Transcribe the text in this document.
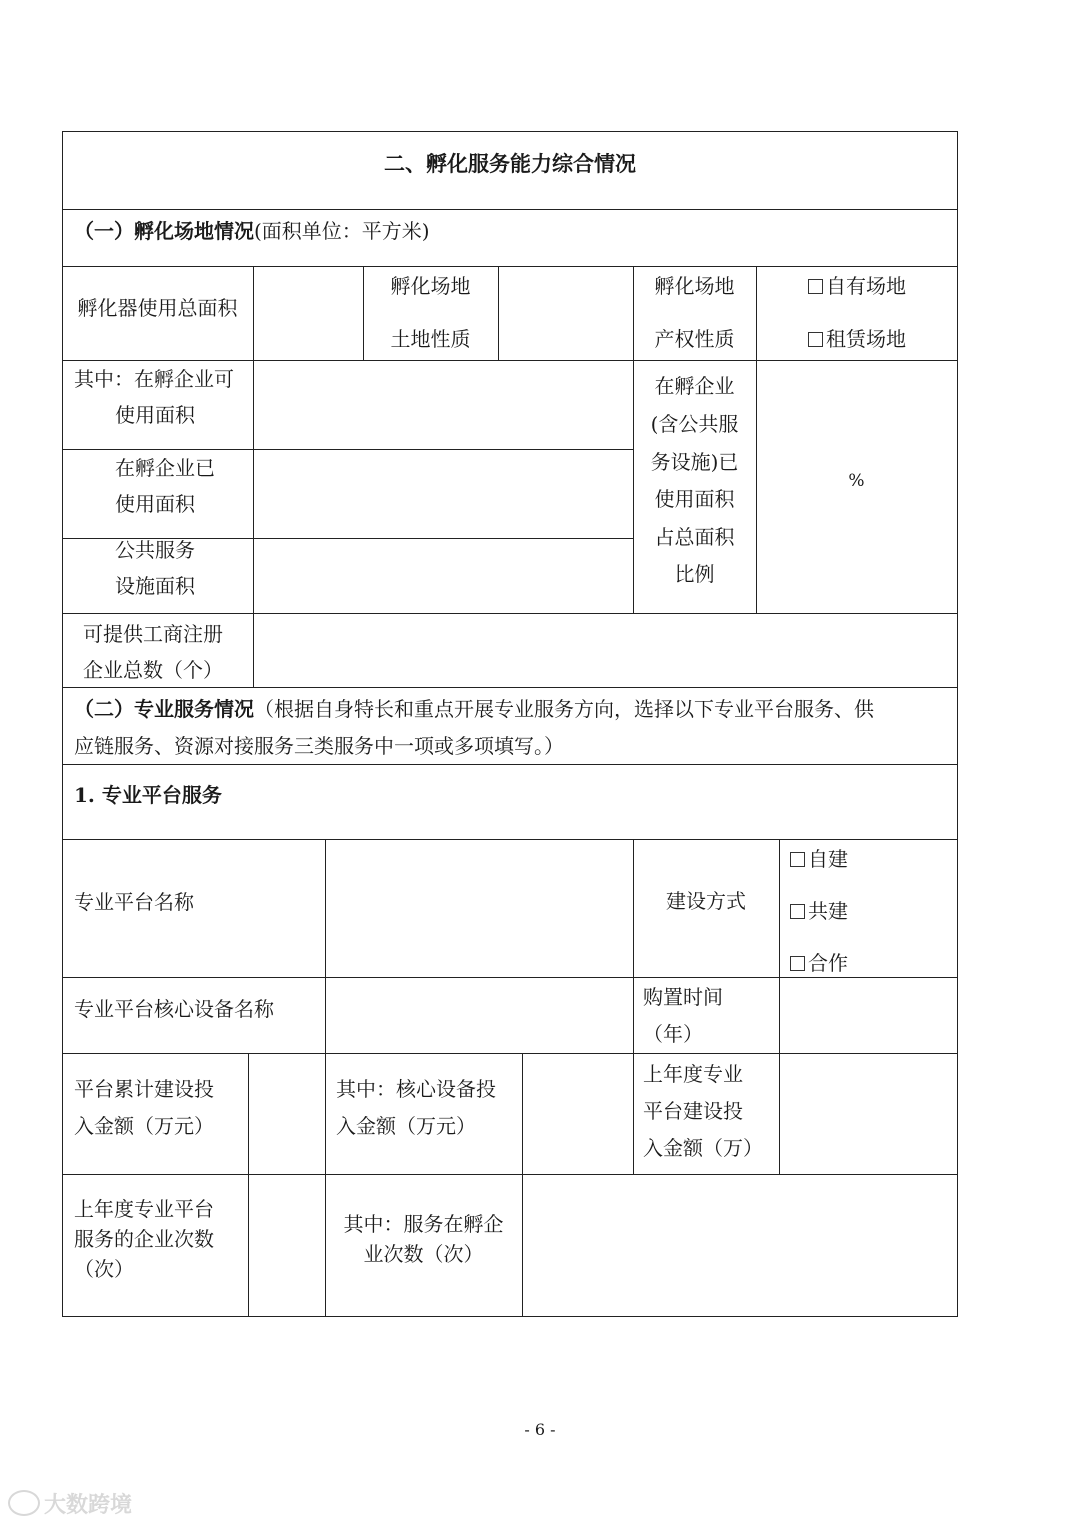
二、孵化服务能力综合情况
（一）孵化场地情况(面积单位：平方米)
孵化器使用总面积
孵化场地
土地性质
孵化场地
产权性质
自有场地
租赁场地
其中：在孵企业可
使用面积
在孵企业
(含公共服
务设施)已
使用面积
占总面积
比例
%
在孵企业已
使用面积
公共服务
设施面积
可提供工商注册
企业总数（个）
（二）专业服务情况（根据自身特长和重点开展专业服务方向，选择以下专业平台服务、供
应链服务、资源对接服务三类服务中一项或多项填写。）
1. 专业平台服务
专业平台名称	建设方式
自建
共建
合作
专业平台核心设备名称	购置时间
（年）
平台累计建设投
入金额（万元）
其中：核心设备投
入金额（万元）
上年度专业
平台建设投
入金额（万）
上年度专业平台
服务的企业次数
（次）
其中：服务在孵企
业次数（次）
- 6 -
大数跨境
